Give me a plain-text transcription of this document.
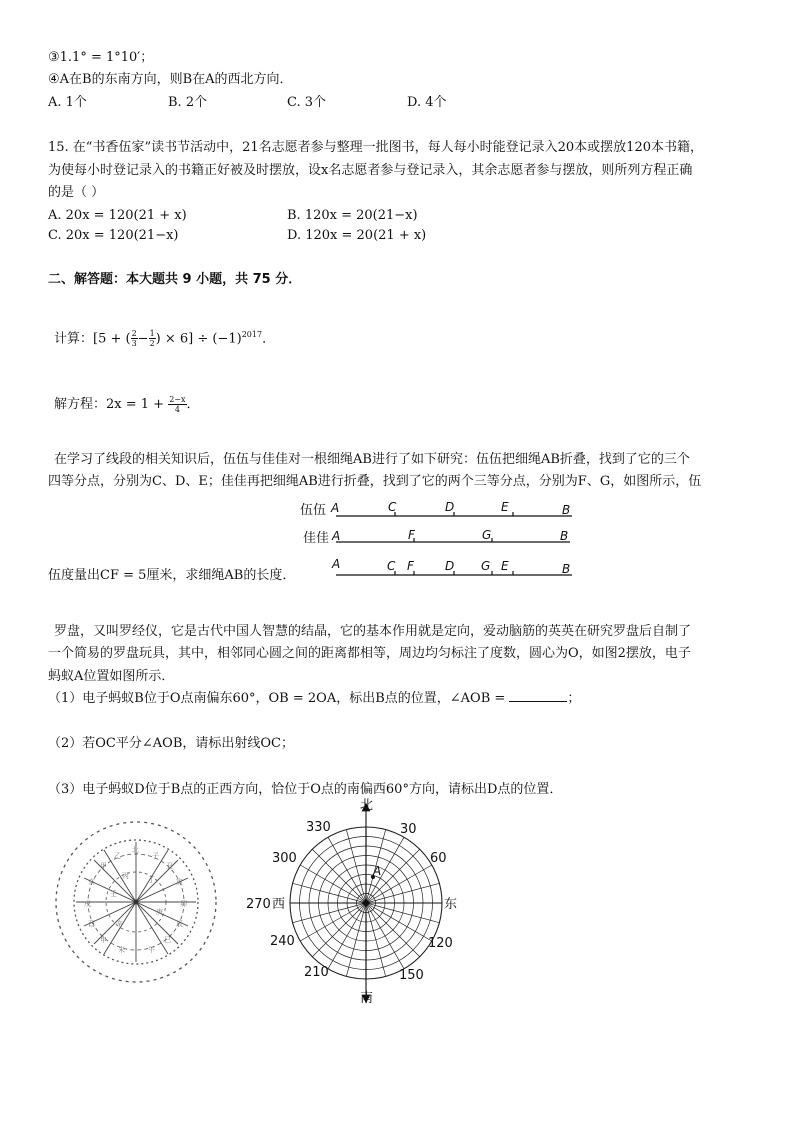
③1.1° = 1°10′；
④A在B的东南方向，则B在A的西北方向．
A. 1个	B. 2个	C. 3个	D. 4个
15. 在“书香伍家”读书节活动中，21名志愿者参与整理一批图书，每人每小时能登记录入20本或摆放120本书籍，
为使每小时登记录入的书籍正好被及时摆放，设x名志愿者参与登记录入，其余志愿者参与摆放，则所列方程正确
的是（ ）
A. 20x = 120(21 + x)	B. 120x = 20(21−x)
C. 20x = 120(21−x)	D. 120x = 20(21 + x)
二、解答题：本大题共 9 小题，共 75 分．
计算：[5 + ( $\frac{2}{3} - \frac{1}{2}$ ) × $6] \div (-1)^{2017}$．
解方程：$2x = 1 + \frac{2-x}{4}$ ．
在学习了线段的相关知识后，伍伍与佳佳对一根细绳AB进行了如下研究：伍伍把细绳AB折叠，找到了它的三个
四等分点，分别为C、D、E；佳佳再把细绳AB进行折叠，找到了它的两个三等分点，分别为F、G，如图所示，伍
伍度量出CF = 5厘米，求细绳AB的长度．
伍伍
佳佳
A	C	D	E	B
A	F	G	B
A	C F	D G E	B
罗盘，又叫罗经仪，它是古代中国人智慧的结晶，它的基本作用就是定向，爱动脑筋的英英在研究罗盘后自制了
一个简易的罗盘玩具，其中，相邻同心圆之间的距离都相等，周边均匀标注了度数，圆心为O，如图2摆放，电子
蚂蚁A位置如图所示．
（1）电子蚂蚁B位于O点南偏东60°，OB = 2OA，标出B点的位置，∠AOB =	；
（2）若OC平分∠AOB，请标出射线OC；
（3）电子蚂蚁D位于B点的正西方向，恰位于O点的南偏西60°方向，请标出D点的位置．
北
子
丑
寅
卯
辰
巳
午
未
申
酉
戌
亥
甲
乙
丙	丁
庚
辛
壬
北
南
东
西
30
60
120
150
210
240
270
300
330
A
